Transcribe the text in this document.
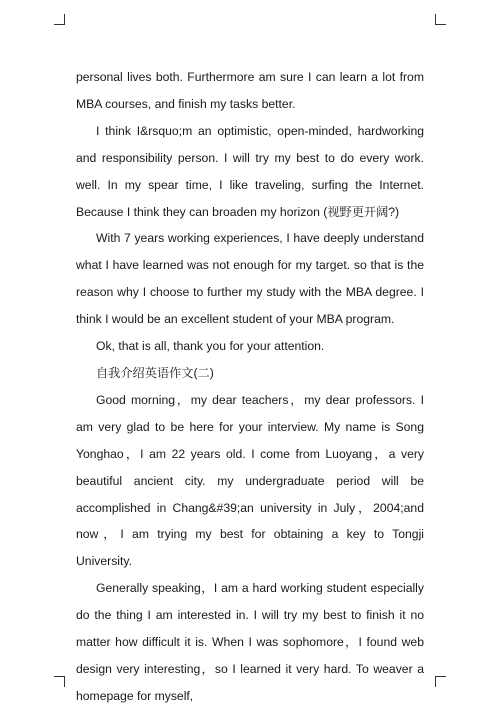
personal lives both. Furthermore am sure I can learn a lot from MBA courses, and finish my tasks better.

I think I&rsquo;m an optimistic, open-minded, hardworking and responsibility person. I will try my best to do every work. well. In my spear time, I like traveling, surfing the Internet. Because I think they can broaden my horizon (视野更开阔?)

With 7 years working experiences, I have deeply understand what I have learned was not enough for my target. so that is the reason why I choose to further my study with the MBA degree. I think I would be an excellent student of your MBA program.

Ok, that is all, thank you for your attention.

自我介绍英语作文(二)

Good morning，my dear teachers，my dear professors. I am very glad to be here for your interview. My name is Song Yonghao，I am 22 years old. I come from Luoyang，a very beautiful ancient city. my undergraduate period will be accomplished in Chang&#39;an university in July，2004;and now，I am trying my best for obtaining a key to Tongji University.

Generally speaking，I am a hard working student especially do the thing I am interested in. I will try my best to finish it no matter how difficult it is. When I was sophomore，I found web design very interesting，so I learned it very hard. To weaver a homepage for myself,
